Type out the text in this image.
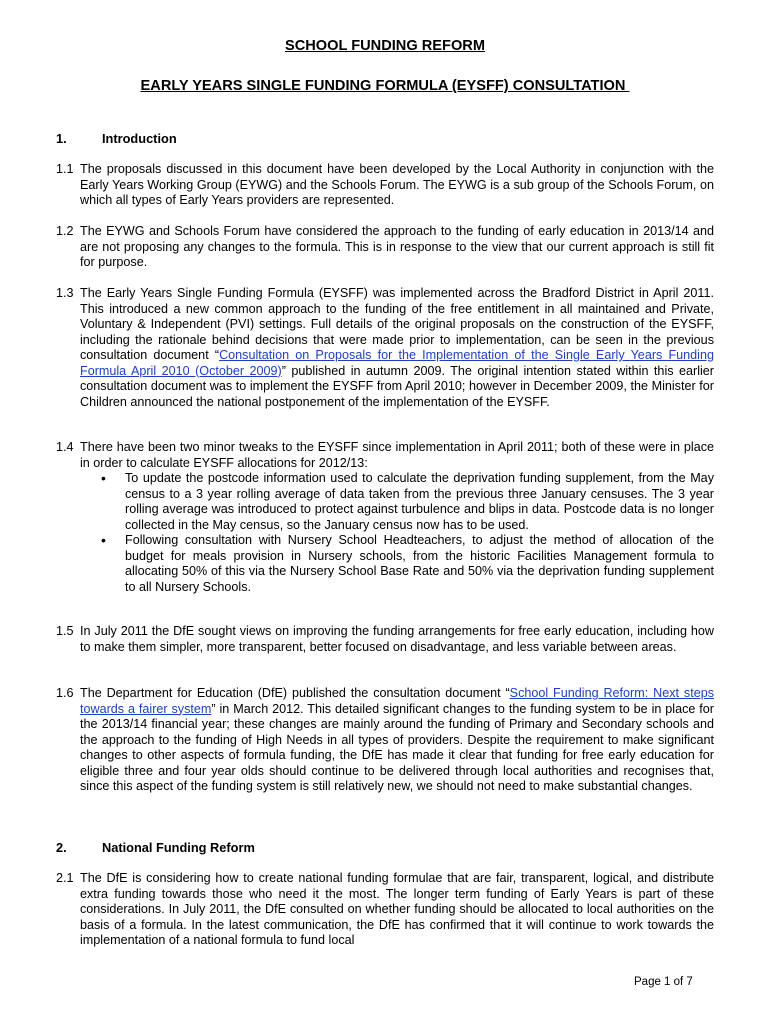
SCHOOL FUNDING REFORM
EARLY YEARS SINGLE FUNDING FORMULA (EYSFF) CONSULTATION
1.	Introduction
1.1 The proposals discussed in this document have been developed by the Local Authority in conjunction with the Early Years Working Group (EYWG) and the Schools Forum. The EYWG is a sub group of the Schools Forum, on which all types of Early Years providers are represented.
1.2 The EYWG and Schools Forum have considered the approach to the funding of early education in 2013/14 and are not proposing any changes to the formula. This is in response to the view that our current approach is still fit for purpose.
1.3 The Early Years Single Funding Formula (EYSFF) was implemented across the Bradford District in April 2011. This introduced a new common approach to the funding of the free entitlement in all maintained and Private, Voluntary & Independent (PVI) settings. Full details of the original proposals on the construction of the EYSFF, including the rationale behind decisions that were made prior to implementation, can be seen in the previous consultation document “Consultation on Proposals for the Implementation of the Single Early Years Funding Formula April 2010 (October 2009)” published in autumn 2009. The original intention stated within this earlier consultation document was to implement the EYSFF from April 2010; however in December 2009, the Minister for Children announced the national postponement of the implementation of the EYSFF.
1.4 There have been two minor tweaks to the EYSFF since implementation in April 2011; both of these were in place in order to calculate EYSFF allocations for 2012/13:
• To update the postcode information used to calculate the deprivation funding supplement, from the May census to a 3 year rolling average of data taken from the previous three January censuses. The 3 year rolling average was introduced to protect against turbulence and blips in data. Postcode data is no longer collected in the May census, so the January census now has to be used.
• Following consultation with Nursery School Headteachers, to adjust the method of allocation of the budget for meals provision in Nursery schools, from the historic Facilities Management formula to allocating 50% of this via the Nursery School Base Rate and 50% via the deprivation funding supplement to all Nursery Schools.
1.5 In July 2011 the DfE sought views on improving the funding arrangements for free early education, including how to make them simpler, more transparent, better focused on disadvantage, and less variable between areas.
1.6 The Department for Education (DfE) published the consultation document “School Funding Reform: Next steps towards a fairer system” in March 2012. This detailed significant changes to the funding system to be in place for the 2013/14 financial year; these changes are mainly around the funding of Primary and Secondary schools and the approach to the funding of High Needs in all types of providers. Despite the requirement to make significant changes to other aspects of formula funding, the DfE has made it clear that funding for free early education for eligible three and four year olds should continue to be delivered through local authorities and recognises that, since this aspect of the funding system is still relatively new, we should not need to make substantial changes.
2.	National Funding Reform
2.1 The DfE is considering how to create national funding formulae that are fair, transparent, logical, and distribute extra funding towards those who need it the most. The longer term funding of Early Years is part of these considerations. In July 2011, the DfE consulted on whether funding should be allocated to local authorities on the basis of a formula. In the latest communication, the DfE has confirmed that it will continue to work towards the implementation of a national formula to fund local
Page 1 of 7
